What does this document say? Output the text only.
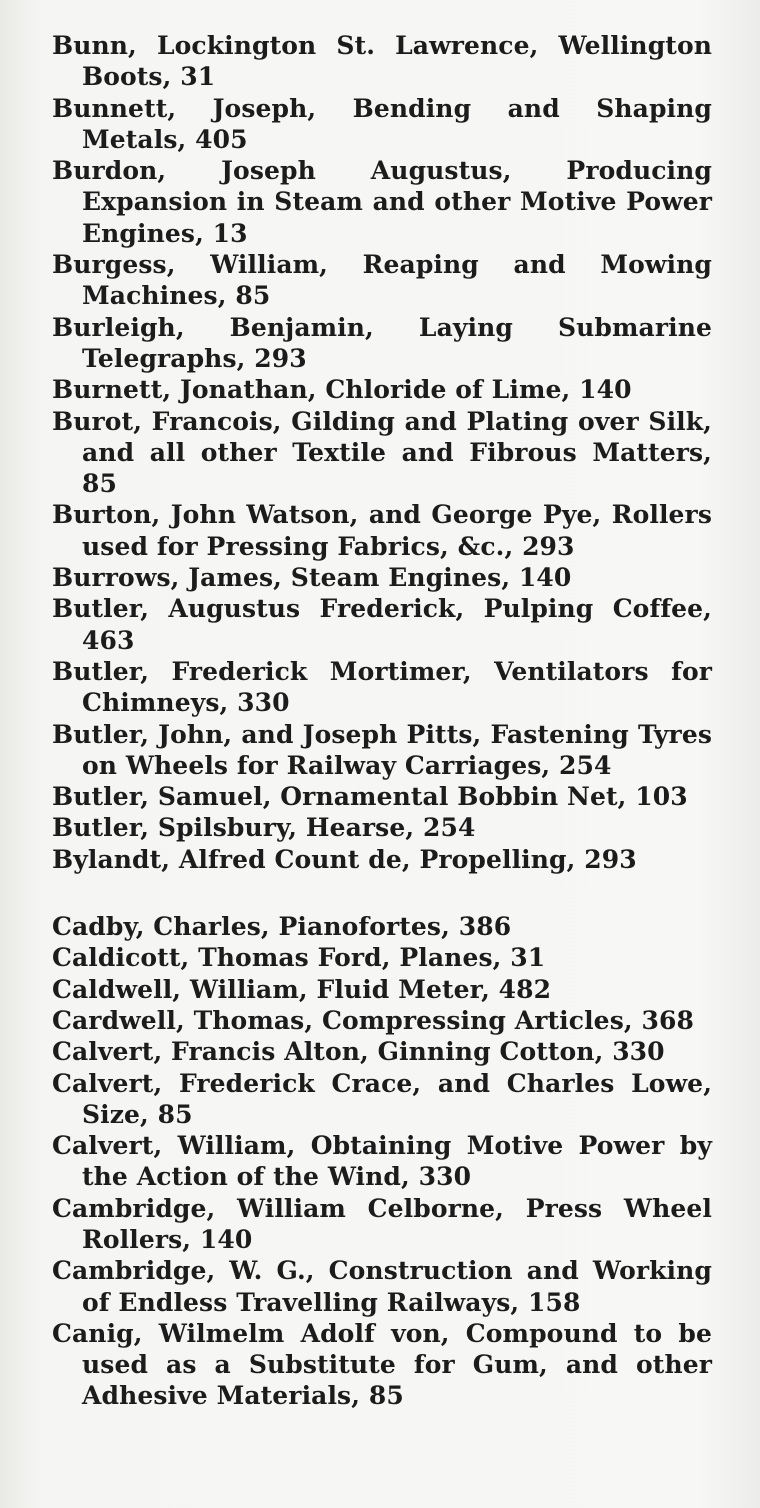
Bunn, Lockington St. Lawrence, Wellington Boots, 31

Bunnett, Joseph, Bending and Shaping Metals, 405

Burdon, Joseph Augustus, Producing Expansion in Steam and other Motive Power Engines, 13

Burgess, William, Reaping and Mowing Machines, 85

Burleigh, Benjamin, Laying Submarine Telegraphs, 293

Burnett, Jonathan, Chloride of Lime, 140

Burot, Francois, Gilding and Plating over Silk, and all other Textile and Fibrous Matters, 85

Burton, John Watson, and George Pye, Rollers used for Pressing Fabrics, &c., 293

Burrows, James, Steam Engines, 140

Butler, Augustus Frederick, Pulping Coffee, 463

Butler, Frederick Mortimer, Ventilators for Chimneys, 330

Butler, John, and Joseph Pitts, Fastening Tyres on Wheels for Railway Carriages, 254

Butler, Samuel, Ornamental Bobbin Net, 103

Butler, Spilsbury, Hearse, 254

Bylandt, Alfred Count de, Propelling, 293

Cadby, Charles, Pianofortes, 386

Caldicott, Thomas Ford, Planes, 31

Caldwell, William, Fluid Meter, 482

Cardwell, Thomas, Compressing Articles, 368

Calvert, Francis Alton, Ginning Cotton, 330

Calvert, Frederick Crace, and Charles Lowe, Size, 85

Calvert, William, Obtaining Motive Power by the Action of the Wind, 330

Cambridge, William Celborne, Press Wheel Rollers, 140

Cambridge, W. G., Construction and Working of Endless Travelling Railways, 158

Canig, Wilmelm Adolf von, Compound to be used as a Substitute for Gum, and other Adhesive Materials, 85
